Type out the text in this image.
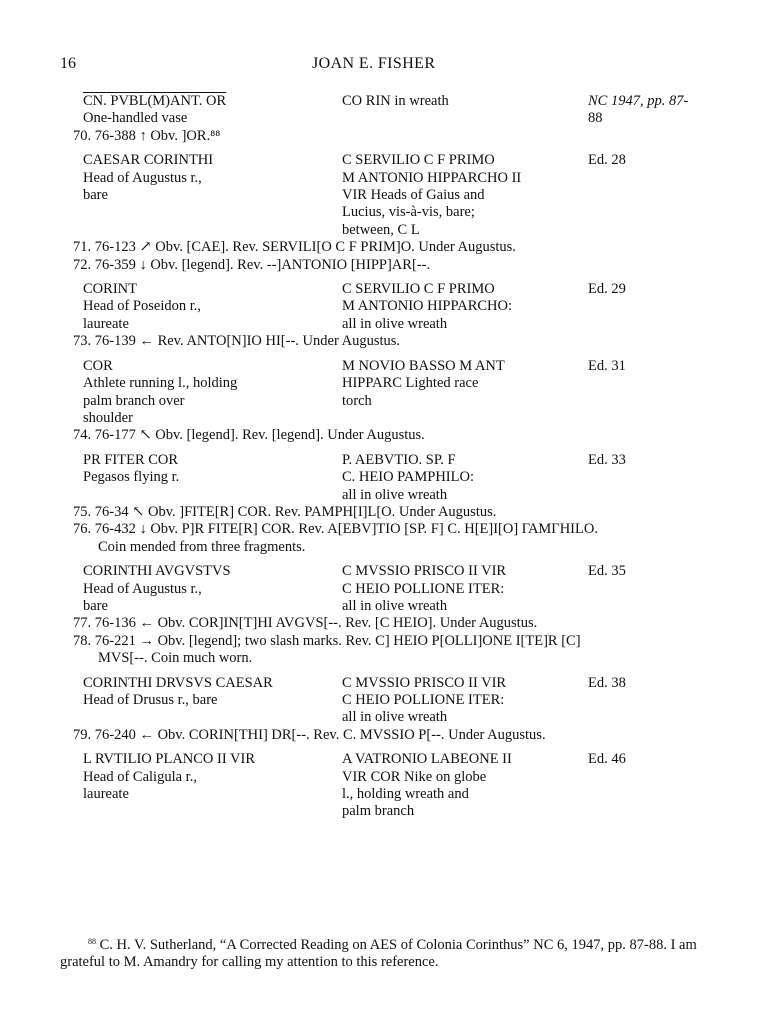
16	JOAN E. FISHER
CN. PVBL(M)ANT. OR
One-handled vase
CO RIN in wreath	NC 1947, pp. 87-
88
70. 76-388 ↑ Obv. ]OR.⁸⁸
CAESAR CORINTHI
Head of Augustus r.,
bare
C SERVILIO C F PRIMO
M ANTONIO HIPPARCHO II
VIR Heads of Gaius and
Lucius, vis-à-vis, bare;
between, C L
Ed. 28
71. 76-123 ↗ Obv. [CAE]. Rev. SERVILI[O C F PRIM]O. Under Augustus.
72. 76-359 ↓ Obv. [legend]. Rev. --]ANTONIO [HIPP]AR[--.
CORINT
Head of Poseidon r.,
laureate
C SERVILIO C F PRIMO
M ANTONIO HIPPARCHO:
all in olive wreath
Ed. 29
73. 76-139 ← Rev. ANTO[N]IO HI[--. Under Augustus.
COR
Athlete running l., holding
palm branch over
shoulder
M NOVIO BASSO M ANT
HIPPARC Lighted race
torch
Ed. 31
74. 76-177 ↖ Obv. [legend]. Rev. [legend]. Under Augustus.
PR FITER COR
Pegasos flying r.
P. AEBVTIO. SP. F
C. HEIO PAMPHILO:
all in olive wreath
Ed. 33
75. 76-34 ↖ Obv. ]FITE[R] COR. Rev. PAMPH[I]L[O. Under Augustus.
76. 76-432 ↓ Obv. P]R FITE[R] COR. Rev. A[EBV]TIO [SP. F] C. H[E]I[O] ΓΑΜΓΗΙLO. Coin mended from three fragments.
CORINTHI AVGVSTVS
Head of Augustus r.,
bare
C MVSSIO PRISCO II VIR
C HEIO POLLIONE ITER:
all in olive wreath
Ed. 35
77. 76-136 ← Obv. COR]IN[T]HI AVGVS[--. Rev. [C HEIO]. Under Augustus.
78. 76-221 → Obv. [legend]; two slash marks. Rev. C] HEIO P[OLLI]ONE I[TE]R [C] MVS[--. Coin much worn.
CORINTHI DRVSVS CAESAR
Head of Drusus r., bare
C MVSSIO PRISCO II VIR
C HEIO POLLIONE ITER:
all in olive wreath
Ed. 38
79. 76-240 ← Obv. CORIN[THI] DR[--. Rev. C. MVSSIO P[--. Under Augustus.
L RVTILIO PLANCO II VIR
Head of Caligula r.,
laureate
A VATRONIO LABEONE II
VIR COR Nike on globe
l., holding wreath and
palm branch
Ed. 46
$^{88}$ C. H. V. Sutherland, “A Corrected Reading on AES of Colonia Corinthus” NC 6, 1947, pp. 87-88. I am grateful to M. Amandry for calling my attention to this reference.
